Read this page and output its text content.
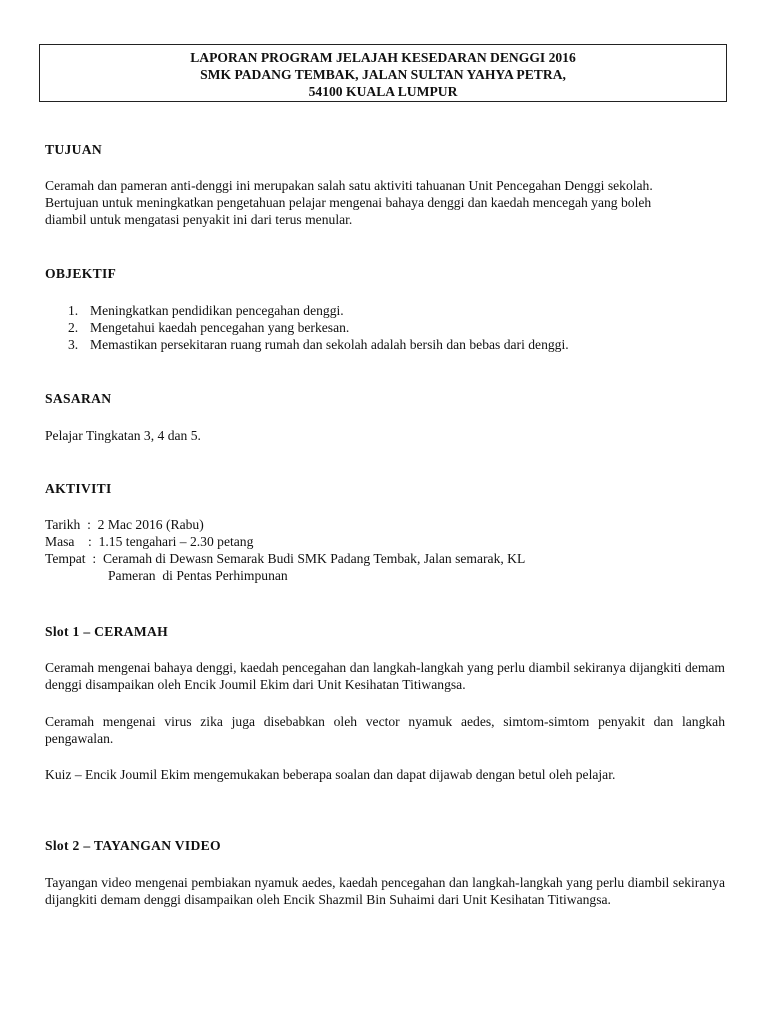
LAPORAN PROGRAM JELAJAH KESEDARAN DENGGI 2016
SMK PADANG TEMBAK, JALAN SULTAN YAHYA PETRA,
54100 KUALA LUMPUR
TUJUAN
Ceramah dan pameran anti-denggi ini merupakan salah satu aktiviti tahuanan Unit Pencegahan Denggi sekolah.
Bertujuan untuk meningkatkan pengetahuan pelajar mengenai bahaya denggi dan kaedah mencegah yang boleh
diambil untuk mengatasi penyakit ini dari terus menular.
OBJEKTIF
1. Meningkatkan pendidikan pencegahan denggi.
2. Mengetahui kaedah pencegahan yang berkesan.
3. Memastikan persekitaran ruang rumah dan sekolah adalah bersih dan bebas dari denggi.
SASARAN
Pelajar Tingkatan 3, 4 dan 5.
AKTIVITI
Tarikh  :  2 Mac 2016 (Rabu)
Masa    :  1.15 tengahari – 2.30 petang
Tempat  :  Ceramah di Dewasn Semarak Budi SMK Padang Tembak, Jalan semarak, KL
Pameran  di Pentas Perhimpunan
Slot 1 – CERAMAH
Ceramah mengenai bahaya denggi, kaedah pencegahan dan langkah-langkah yang perlu diambil sekiranya dijangkiti demam denggi disampaikan oleh Encik Joumil Ekim dari Unit Kesihatan Titiwangsa.
Ceramah mengenai virus zika juga disebabkan oleh vector nyamuk aedes, simtom-simtom penyakit dan langkah pengawalan.
Kuiz – Encik Joumil Ekim mengemukakan beberapa soalan dan dapat dijawab dengan betul oleh pelajar.
Slot 2 – TAYANGAN VIDEO
Tayangan video mengenai pembiakan nyamuk aedes, kaedah pencegahan dan langkah-langkah yang perlu diambil sekiranya dijangkiti demam denggi disampaikan oleh Encik Shazmil Bin Suhaimi dari Unit Kesihatan Titiwangsa.
